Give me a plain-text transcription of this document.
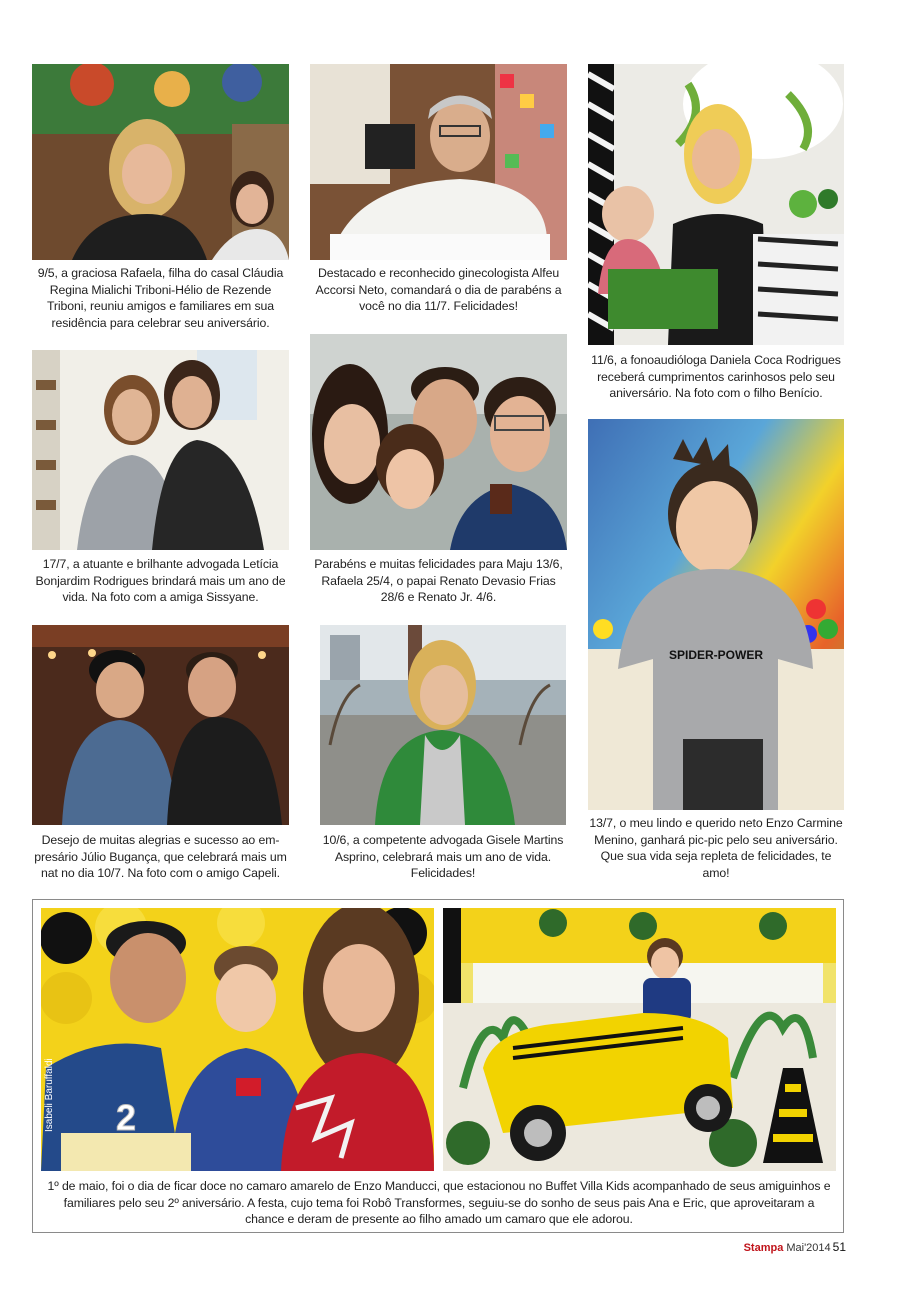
9/5, a graciosa Rafaela, filha do casal Cláudia Regina Mialichi Triboni-Hélio de Rezende Triboni, reuniu amigos e familiares em sua residência para celebrar seu aniversário.
Destacado e reconhecido ginecologista Alfeu Accorsi Neto, comandará o dia de parabéns a você no dia 11/7. Felicidades!
11/6, a fonoaudióloga Daniela Coca Rodrigues receberá cumprimentos carinhosos pelo seu aniversário. Na foto com o filho Benício.
17/7, a atuante e brilhante advogada Letícia Bonjardim Rodrigues brindará mais um ano de vida. Na foto com a amiga Sissyane.
Parabéns e muitas felicidades para Maju 13/6, Rafaela 25/4, o papai Renato Devasio Frias 28/6 e Renato Jr. 4/6.
SPIDER-POWER
13/7, o meu lindo e querido neto Enzo Carmine Menino, ganhará pic-pic pelo seu aniversário. Que sua vida seja repleta de felicidades, te amo!
Desejo de muitas alegrias e sucesso ao em-presário Júlio Bugança, que celebrará mais um nat no dia 10/7. Na foto com o amigo Capeli.
10/6, a competente advogada Gisele Martins Asprino, celebrará mais um ano de vida. Felicidades!
2
Isabeli Baruffaldi
1º de maio, foi o dia de ficar doce no camaro amarelo de Enzo Manducci, que estacionou no Buffet Villa Kids acompanhado de seus amiguinhos e familiares pelo seu 2º aniversário. A festa, cujo tema foi Robô Transformes, seguiu-se do sonho de seus pais Ana e Eric, que aproveitaram a chance e deram de presente ao filho amado um camaro que ele adorou.
Stampa Mai'2014 51
